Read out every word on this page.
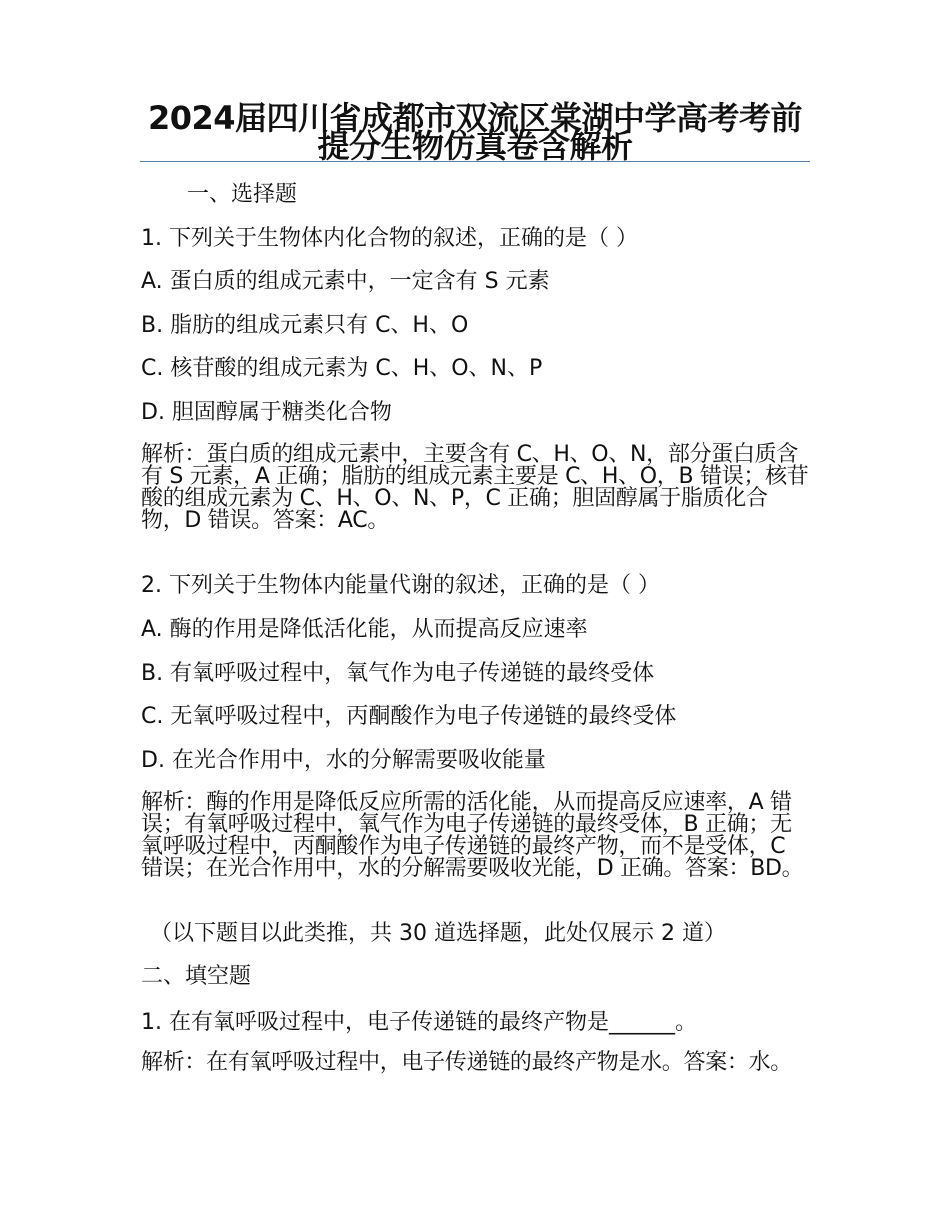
2024届四川省成都市双流区棠湖中学高考考前提分生物仿真卷含解析
一、选择题
1. 下列关于生物体内化合物的叙述，正确的是（ ）
A. 蛋白质的组成元素中，一定含有 S 元素
B. 脂肪的组成元素只有 C、H、O
C. 核苷酸的组成元素为 C、H、O、N、P
D. 胆固醇属于糖类化合物
解析：蛋白质的组成元素中，主要含有 C、H、O、N，部分蛋白质含有 S 元素，A 正确；脂肪的组成元素主要是 C、H、O，B 错误；核苷酸的组成元素为 C、H、O、N、P，C 正确；胆固醇属于脂质化合物，D 错误。答案：AC。
2. 下列关于生物体内能量代谢的叙述，正确的是（ ）
A. 酶的作用是降低活化能，从而提高反应速率
B. 有氧呼吸过程中，氧气作为电子传递链的最终受体
C. 无氧呼吸过程中，丙酮酸作为电子传递链的最终受体
D. 在光合作用中，水的分解需要吸收能量
解析：酶的作用是降低反应所需的活化能，从而提高反应速率，A 错误；有氧呼吸过程中，氧气作为电子传递链的最终受体，B 正确；无氧呼吸过程中，丙酮酸作为电子传递链的最终产物，而不是受体，C 错误；在光合作用中，水的分解需要吸收光能，D 正确。答案：BD。
（以下题目以此类推，共 30 道选择题，此处仅展示 2 道）
二、填空题
1. 在有氧呼吸过程中，电子传递链的最终产物是______。
解析：在有氧呼吸过程中，电子传递链的最终产物是水。答案：水。
